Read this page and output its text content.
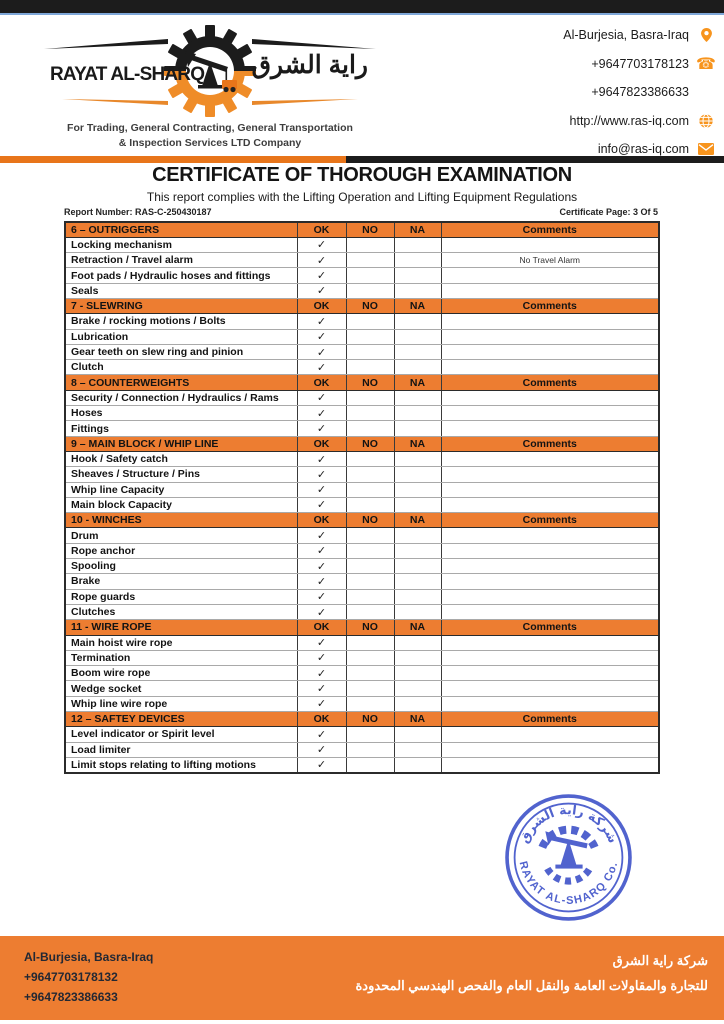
RAYAT AL-SHARQ راية الشرق
For Trading, General Contracting, General Transportation
& Inspection Services LTD Company
Al-Burjesia, Basra-Iraq
+9647703178123 ☎
+9647823386633
http://www.ras-iq.com
info@ras-iq.com
CERTIFICATE OF THOROUGH EXAMINATION
This report complies with the Lifting Operation and Lifting Equipment Regulations
Report Number: RAS-C-250430187	Certificate Page: 3 Of 5
6 – OUTRIGGERS	OK	NO	NA	Comments
Locking mechanism	✓			
Retraction / Travel alarm	✓			No Travel Alarm
Foot pads / Hydraulic hoses and fittings	✓			
Seals	✓			
7 - SLEWRING	OK	NO	NA	Comments
Brake / rocking motions / Bolts	✓			
Lubrication	✓			
Gear teeth on slew ring and pinion	✓			
Clutch	✓			
8 – COUNTERWEIGHTS	OK	NO	NA	Comments
Security / Connection / Hydraulics / Rams	✓			
Hoses	✓			
Fittings	✓			
9 – MAIN BLOCK / WHIP LINE	OK	NO	NA	Comments
Hook / Safety catch	✓			
Sheaves / Structure / Pins	✓			
Whip line Capacity	✓			
Main block Capacity	✓			
10 - WINCHES	OK	NO	NA	Comments
Drum	✓			
Rope anchor	✓			
Spooling	✓			
Brake	✓			
Rope guards	✓			
Clutches	✓			
11 - WIRE ROPE	OK	NO	NA	Comments
Main hoist wire rope	✓			
Termination	✓			
Boom wire rope	✓			
Wedge socket	✓			
Whip line wire rope	✓			
12 – SAFTEY DEVICES	OK	NO	NA	Comments
Level indicator or Spirit level	✓			
Load limiter	✓			
Limit stops relating to lifting motions	✓			
شركة راية الشرق
RAYAT AL-SHARQ Co.
Al-Burjesia, Basra-Iraq
+9647703178132
+9647823386633
شركة راية الشرق
للتجارة والمقاولات العامة والنقل العام والفحص الهندسي المحدودة
